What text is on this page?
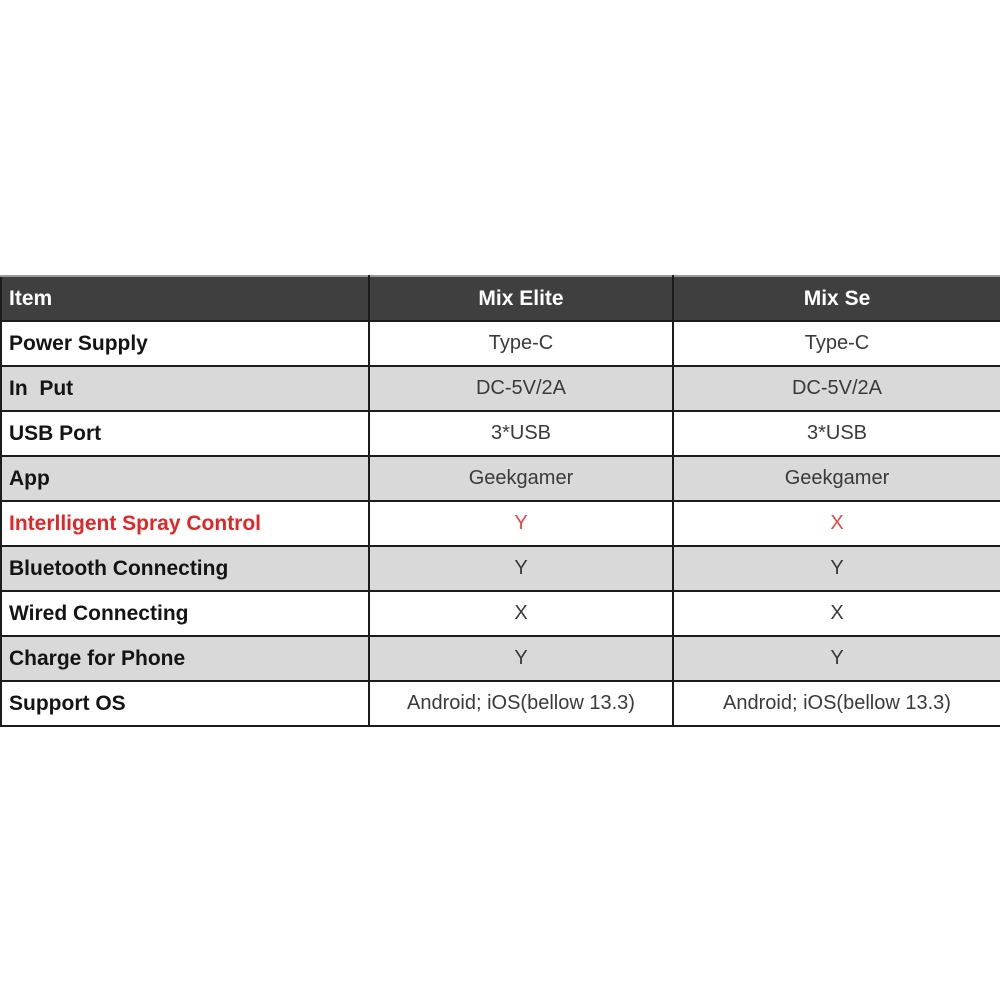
Item	Mix Elite	Mix Se
Power Supply	Type-C	Type-C
In  Put	DC-5V/2A	DC-5V/2A
USB Port	3*USB	3*USB
App	Geekgamer	Geekgamer
Interlligent Spray Control	Y	X
Bluetooth Connecting	Y	Y
Wired Connecting	X	X
Charge for Phone	Y	Y
Support OS	Android; iOS(bellow 13.3)	Android; iOS(bellow 13.3)
